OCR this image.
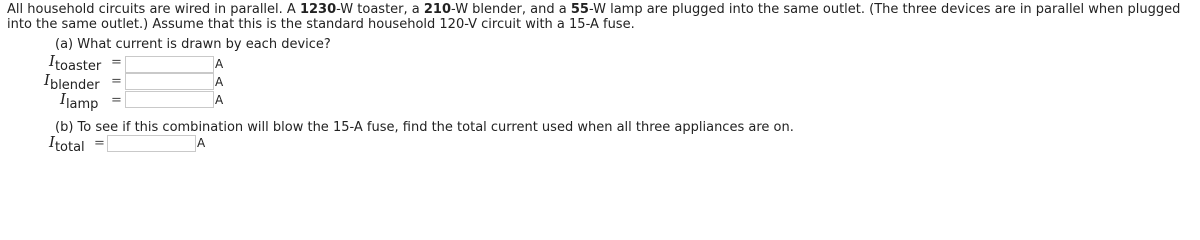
All household circuits are wired in parallel. A 1230-W toaster, a 210-W blender, and a 55-W lamp are plugged into the same outlet. (The three devices are in parallel when plugged into the same outlet.) Assume that this is the standard household 120-V circuit with a 15-A fuse.
(a) What current is drawn by each device?
Itoaster =	A
Iblender =	A
Ilamp =	A
(b) To see if this combination will blow the 15-A fuse, find the total current used when all three appliances are on.
Itotal =	A
